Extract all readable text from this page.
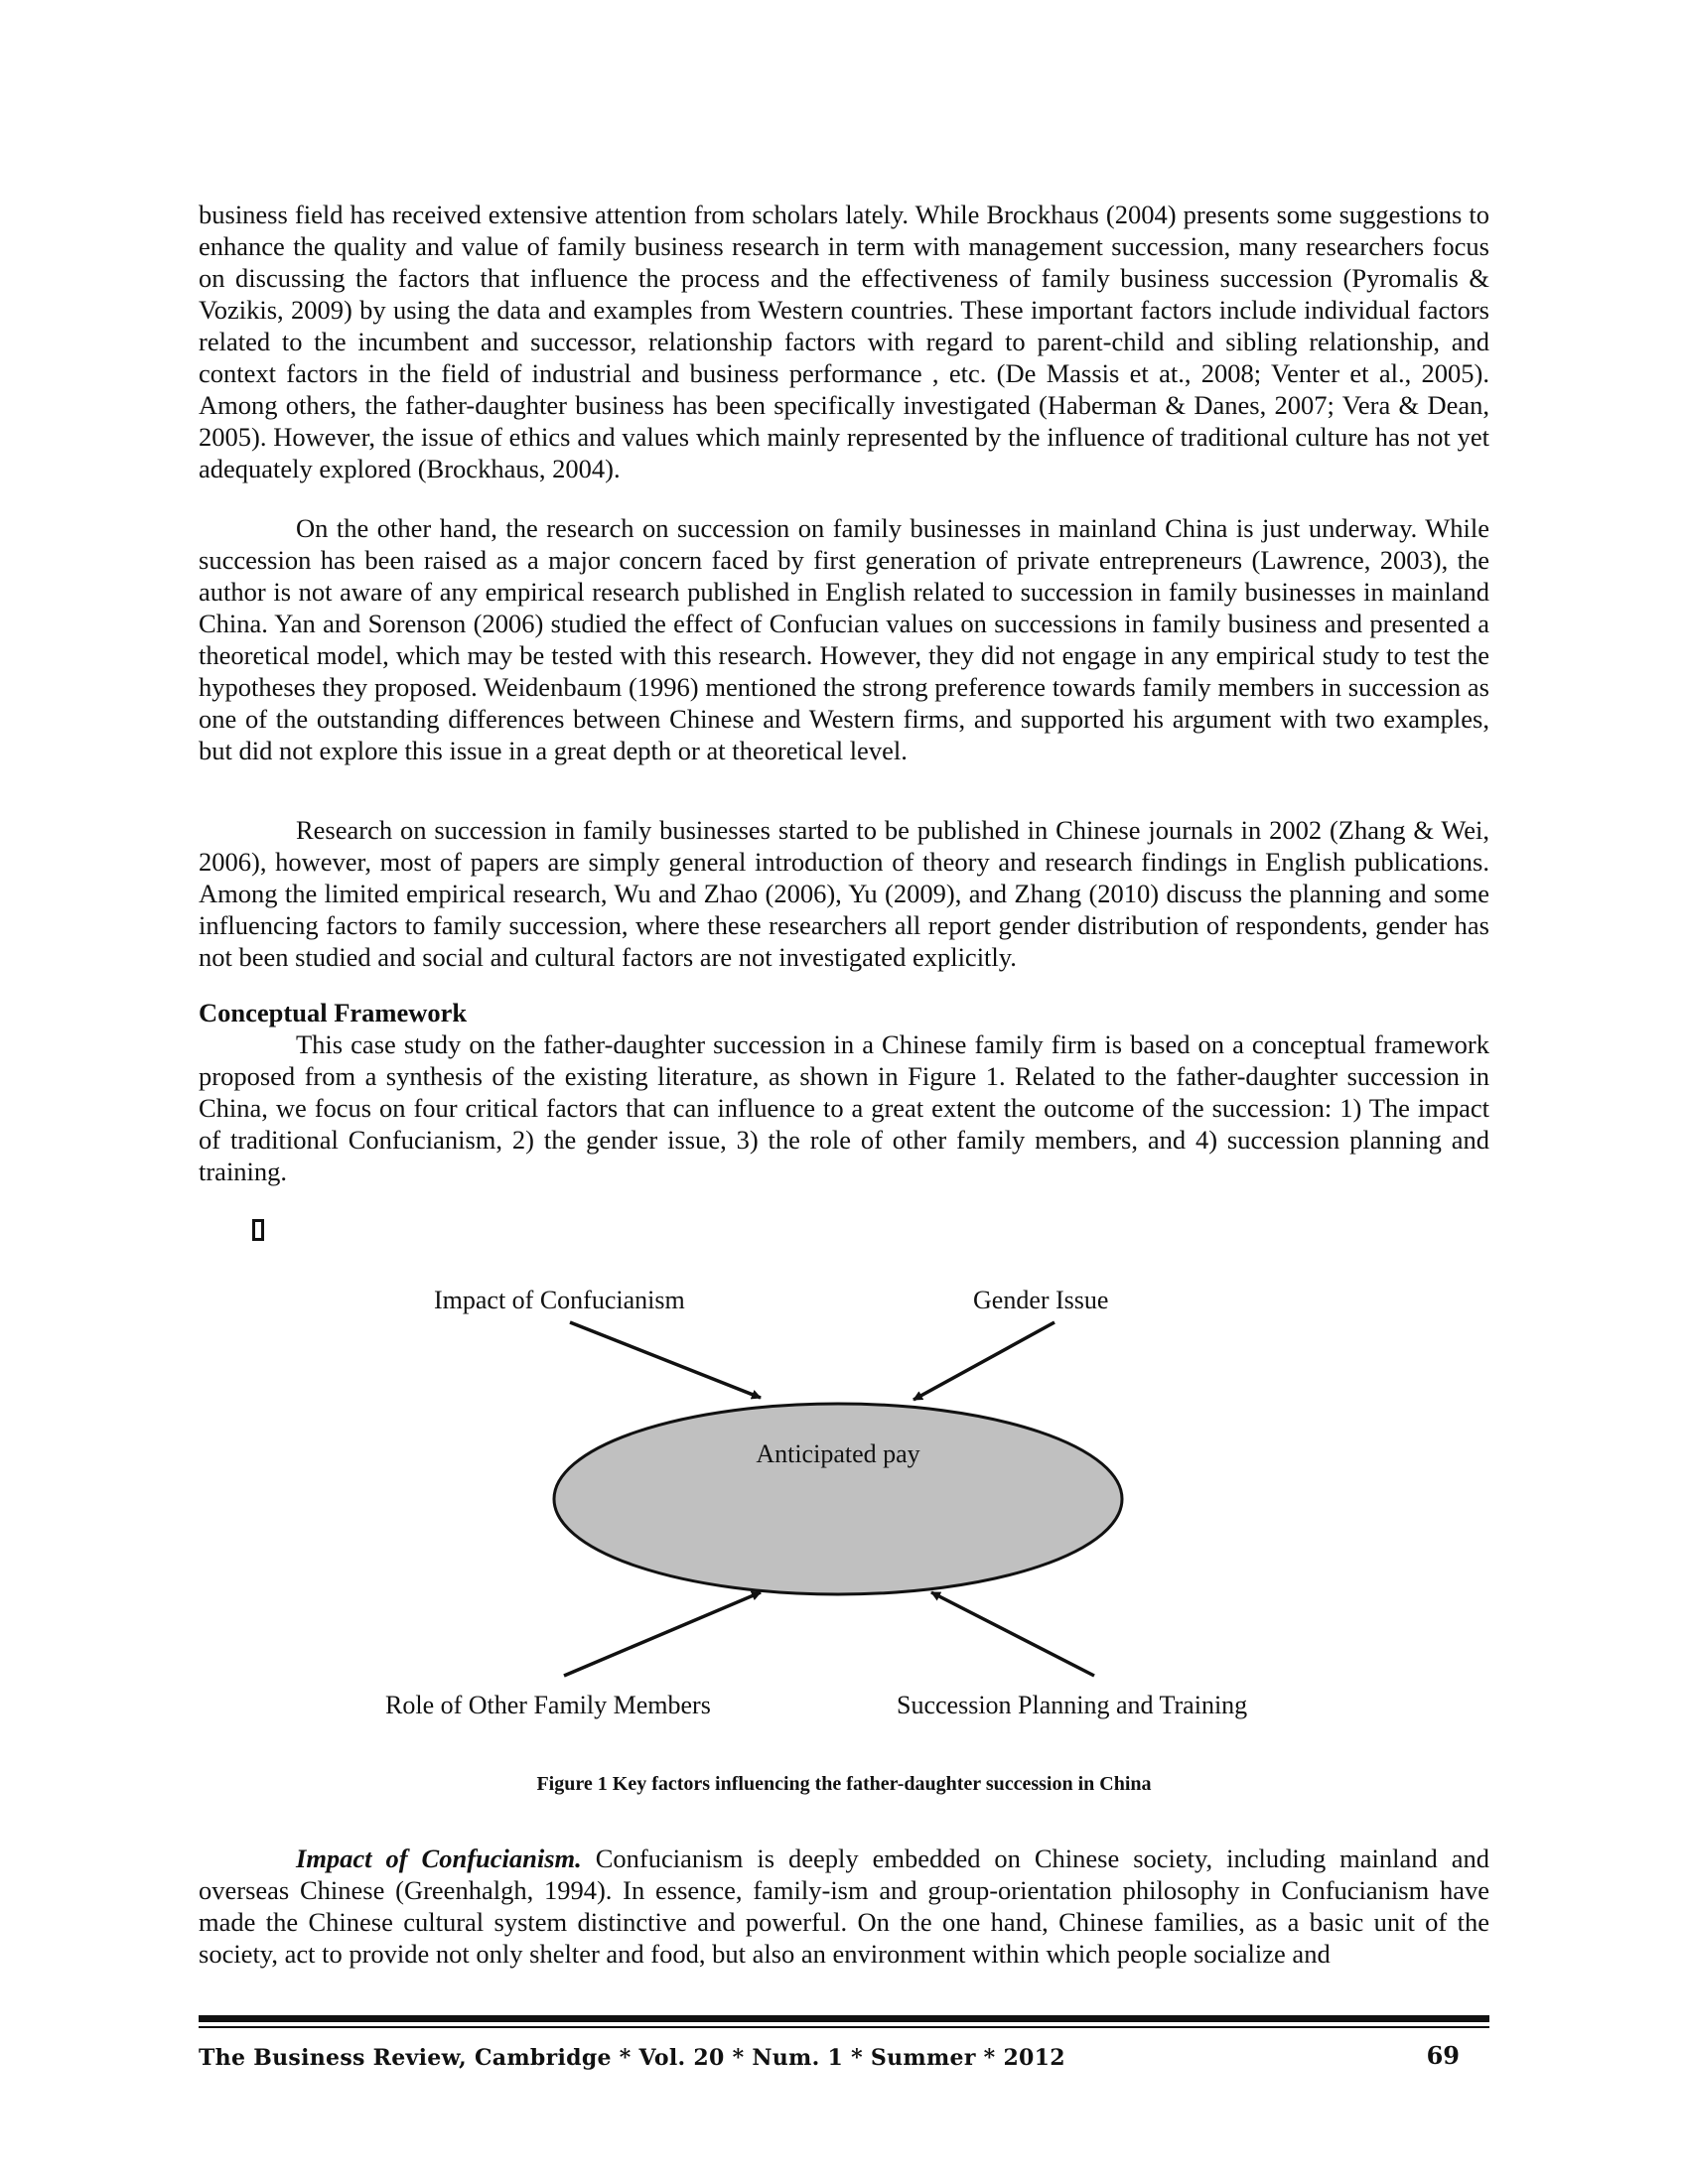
business field has received extensive attention from scholars lately. While Brockhaus (2004) presents some suggestions to enhance the quality and value of family business research in term with management succession, many researchers focus on discussing the factors that influence the process and the effectiveness of family business succession (Pyromalis & Vozikis, 2009) by using the data and examples from Western countries. These important factors include individual factors related to the incumbent and successor, relationship factors with regard to parent-child and sibling relationship, and context factors in the field of industrial and business performance , etc. (De Massis et at., 2008; Venter et al., 2005). Among others, the father-daughter business has been specifically investigated (Haberman & Danes, 2007; Vera & Dean, 2005). However, the issue of ethics and values which mainly represented by the influence of traditional culture has not yet adequately explored (Brockhaus, 2004).

On the other hand, the research on succession on family businesses in mainland China is just underway. While succession has been raised as a major concern faced by first generation of private entrepreneurs (Lawrence, 2003), the author is not aware of any empirical research published in English related to succession in family businesses in mainland China. Yan and Sorenson (2006) studied the effect of Confucian values on successions in family business and presented a theoretical model, which may be tested with this research. However, they did not engage in any empirical study to test the hypotheses they proposed. Weidenbaum (1996) mentioned the strong preference towards family members in succession as one of the outstanding differences between Chinese and Western firms, and supported his argument with two examples, but did not explore this issue in a great depth or at theoretical level.

Research on succession in family businesses started to be published in Chinese journals in 2002 (Zhang & Wei, 2006), however, most of papers are simply general introduction of theory and research findings in English publications. Among the limited empirical research, Wu and Zhao (2006), Yu (2009), and Zhang (2010) discuss the planning and some influencing factors to family succession, where these researchers all report gender distribution of respondents, gender has not been studied and social and cultural factors are not investigated explicitly.

Conceptual Framework

This case study on the father-daughter succession in a Chinese family firm is based on a conceptual framework proposed from a synthesis of the existing literature, as shown in Figure 1. Related to the father-daughter succession in China, we focus on four critical factors that can influence to a great extent the outcome of the succession: 1) The impact of traditional Confucianism, 2) the gender issue, 3) the role of other family members, and 4) succession planning and training.

Anticipated pay
Impact of Confucianism	Gender Issue
Role of Other Family Members	Succession Planning and Training

Figure 1 Key factors influencing the father-daughter succession in China

Impact of Confucianism. Confucianism is deeply embedded on Chinese society, including mainland and overseas Chinese (Greenhalgh, 1994). In essence, family-ism and group-orientation philosophy in Confucianism have made the Chinese cultural system distinctive and powerful. On the one hand, Chinese families, as a basic unit of the society, act to provide not only shelter and food, but also an environment within which people socialize and

The Business Review, Cambridge * Vol. 20 * Num. 1 * Summer * 2012	69
